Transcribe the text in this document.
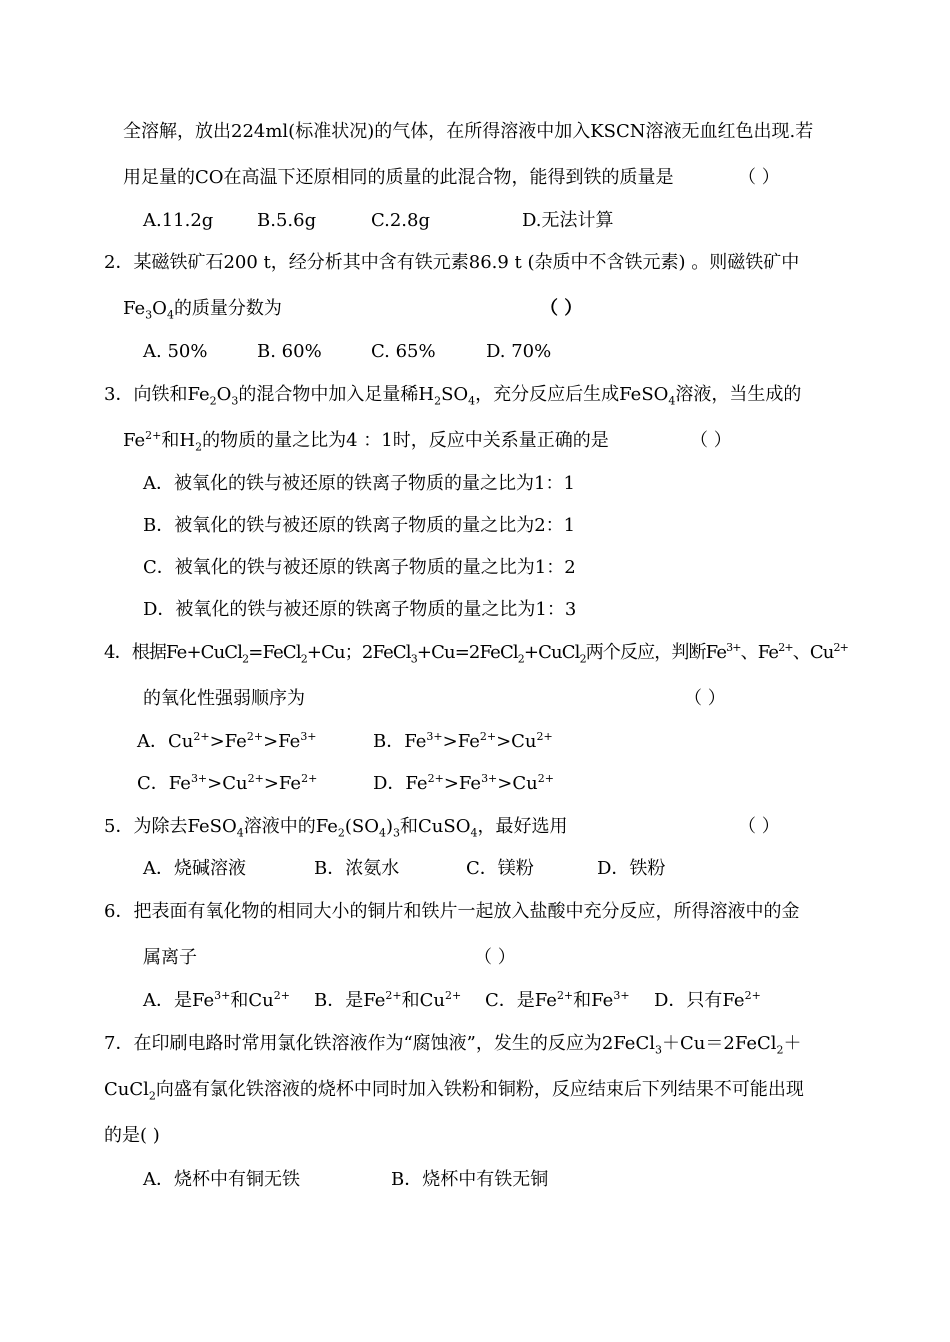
全溶解，放出224ml(标准状况)的气体，在所得溶液中加入KSCN溶液无血红色出现.若
用足量的CO在高温下还原相同的质量的此混合物，能得到铁的质量是	（ ）
A.11.2g B.5.6g	C.2.8g	D.无法计算
2．某磁铁矿石200 t，经分析其中含有铁元素86.9 t (杂质中不含铁元素) 。则磁铁矿中
$Fe_3O_4$的质量分数为	（ ）
A. 50%	B. 60%	C. 65%	D. 70%
3．向铁和$Fe_2O_3$的混合物中加入足量稀$H_2SO_4$，充分反应后生成FeSO$_4$溶液，当生成的
$Fe^{2+}$和$H_2$的物质的量之比为4 ：1时，反应中关系量正确的是	（ ）
A．被氧化的铁与被还原的铁离子物质的量之比为1：1
B．被氧化的铁与被还原的铁离子物质的量之比为2：1
C．被氧化的铁与被还原的铁离子物质的量之比为1：2
D．被氧化的铁与被还原的铁离子物质的量之比为1：3
4．根据Fe+CuCl$_2$=FeCl$_2$+Cu；2FeCl$_3$+Cu=2FeCl$_2$+CuCl$_2$两个反应，判断$Fe^{3+}$、$Fe^{2+}$、$Cu^{2+}$
的氧化性强弱顺序为	（ ）
A．$Cu^{2+}>Fe^{2+}>Fe^{3+}$	B．$Fe^{3+}>Fe^{2+}>Cu^{2+}$
C．$Fe^{3+}>Cu^{2+}>Fe^{2+}$	D．$Fe^{2+}>Fe^{3+}>Cu^{2+}$
5．为除去FeSO$_4$溶液中的$Fe_2(SO_4)_3$和CuSO$_4$，最好选用	（ ）
A．烧碱溶液	B．浓氨水	C．镁粉	D．铁粉
6．把表面有氧化物的相同大小的铜片和铁片一起放入盐酸中充分反应，所得溶液中的金
属离子	（ ）
A．是$Fe^{3+}$和$Cu^{2+}$ B．是$Fe^{2+}$和$Cu^{2+}$ C．是$Fe^{2+}$和$Fe^{3+}$ D．只有$Fe^{2+}$
7．在印刷电路时常用氯化铁溶液作为“腐蚀液”，发生的反应为2FeCl$_3$＋Cu＝2FeCl$_2$＋
CuCl$_2$向盛有氯化铁溶液的烧杯中同时加入铁粉和铜粉，反应结束后下列结果不可能出现
的是( )
A．烧杯中有铜无铁	B．烧杯中有铁无铜
